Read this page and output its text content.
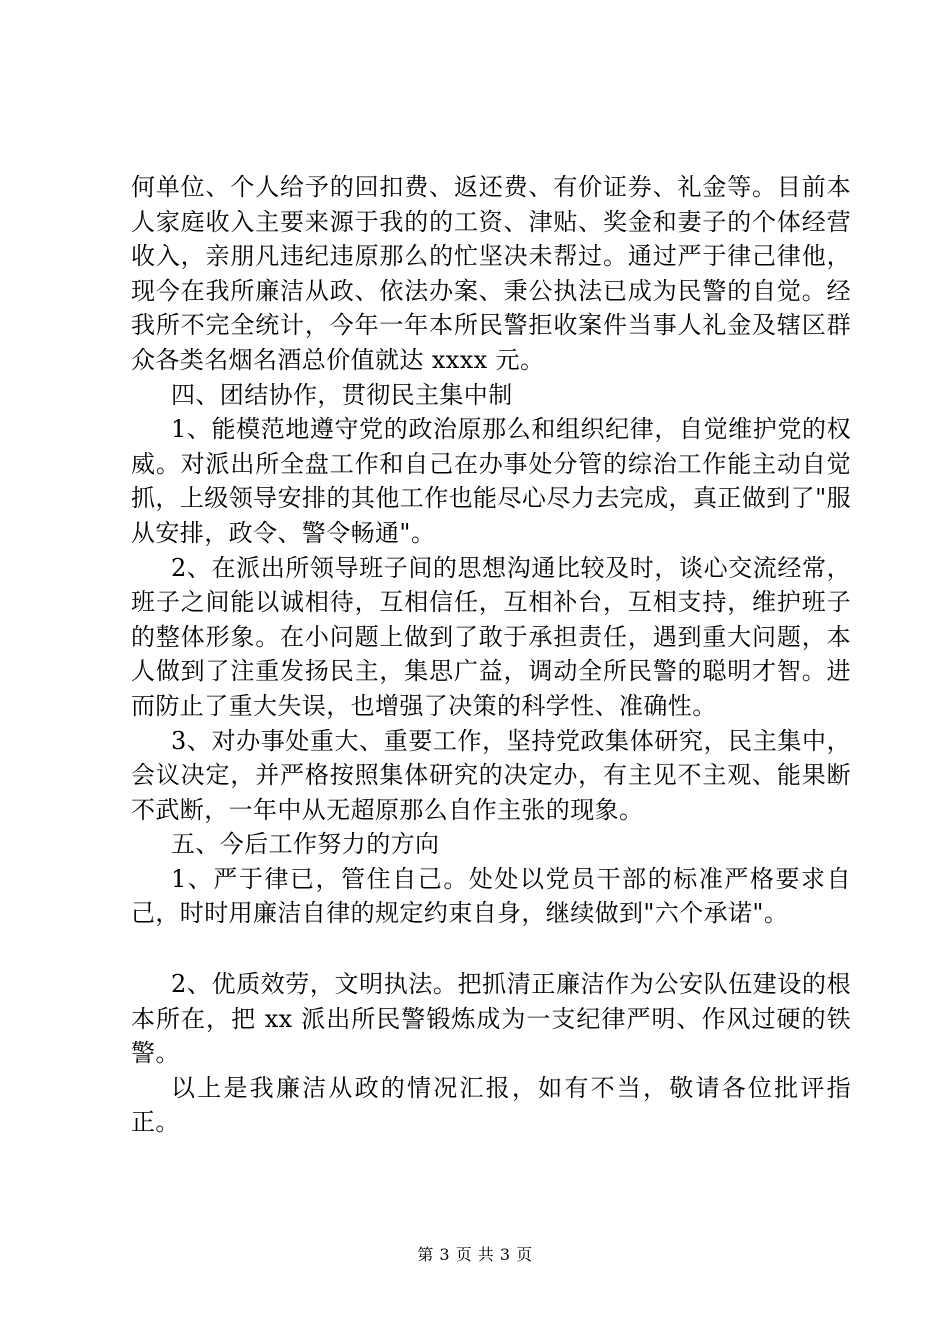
何单位、个人给予的回扣费、返还费、有价证券、礼金等。目前本人家庭收入主要来源于我的的工资、津贴、奖金和妻子的个体经营收入，亲朋凡违纪违原那么的忙坚决未帮过。通过严于律己律他，现今在我所廉洁从政、依法办案、秉公执法已成为民警的自觉。经我所不完全统计，今年一年本所民警拒收案件当事人礼金及辖区群众各类名烟名酒总价值就达 xxxx 元。

四、团结协作，贯彻民主集中制

1、能模范地遵守党的政治原那么和组织纪律，自觉维护党的权威。对派出所全盘工作和自己在办事处分管的综治工作能主动自觉抓，上级领导安排的其他工作也能尽心尽力去完成，真正做到了"服从安排，政令、警令畅通"。

2、在派出所领导班子间的思想沟通比较及时，谈心交流经常，班子之间能以诚相待，互相信任，互相补台，互相支持，维护班子的整体形象。在小问题上做到了敢于承担责任，遇到重大问题，本人做到了注重发扬民主，集思广益，调动全所民警的聪明才智。进而防止了重大失误，也增强了决策的科学性、准确性。

3、对办事处重大、重要工作，坚持党政集体研究，民主集中，会议决定，并严格按照集体研究的决定办，有主见不主观、能果断不武断，一年中从无超原那么自作主张的现象。

五、今后工作努力的方向

1、严于律已，管住自己。处处以党员干部的标准严格要求自己，时时用廉洁自律的规定约束自身，继续做到"六个承诺"。

2、优质效劳，文明执法。把抓清正廉洁作为公安队伍建设的根本所在，把 xx 派出所民警锻炼成为一支纪律严明、作风过硬的铁警。

以上是我廉洁从政的情况汇报，如有不当，敬请各位批评指正。

第 3 页 共 3 页
